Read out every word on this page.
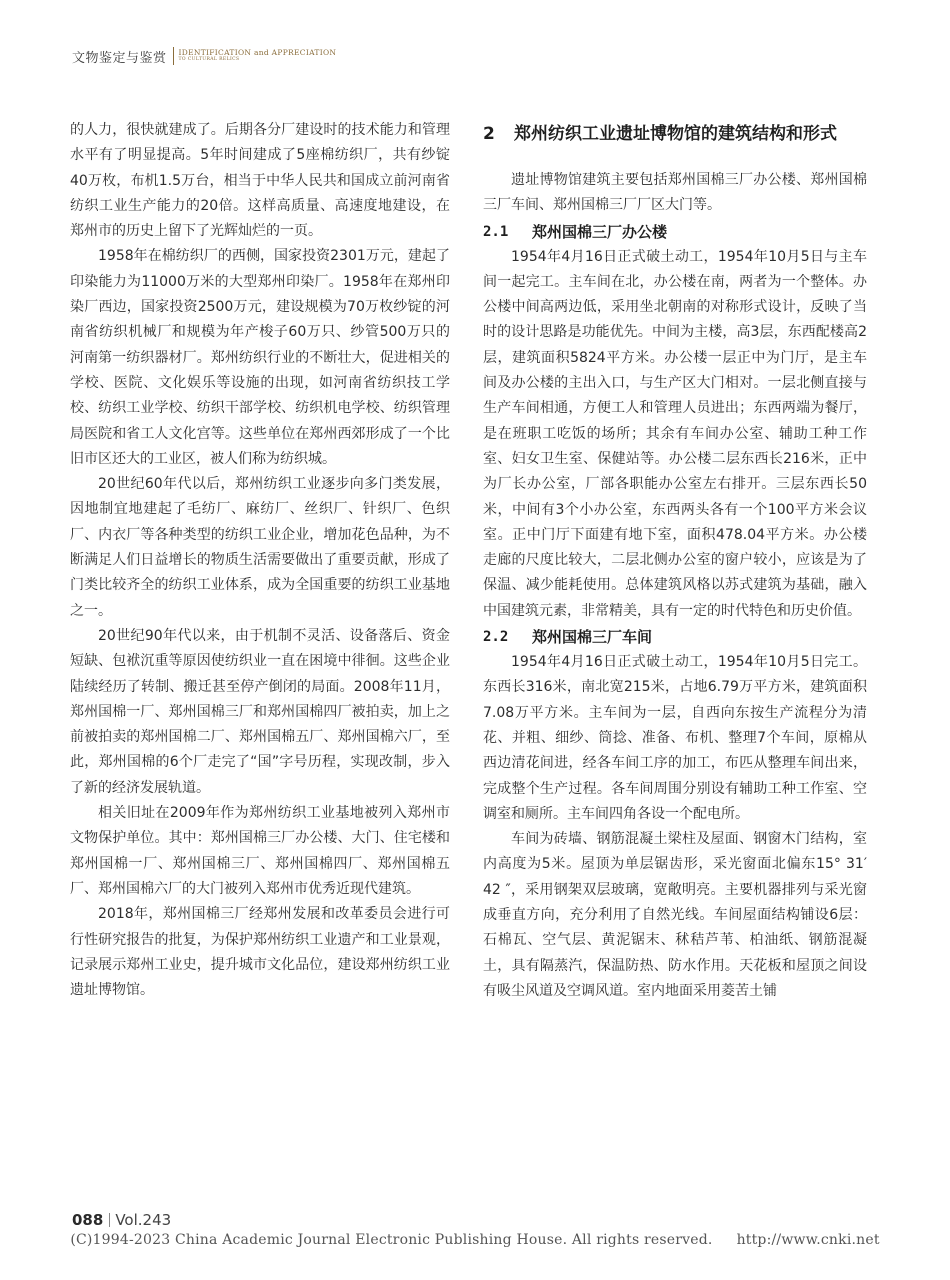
文物鉴定与鉴赏 IDENTIFICATION and APPRECIATION
TO CULTURAL RELICS

的人力，很快就建成了。后期各分厂建设时的技术能力和管理水平有了明显提高。5年时间建成了5座棉纺织厂，共有纱锭40万枚，布机1.5万台，相当于中华人民共和国成立前河南省纺织工业生产能力的20倍。这样高质量、高速度地建设，在郑州市的历史上留下了光辉灿烂的一页。

1958年在棉纺织厂的西侧，国家投资2301万元，建起了印染能力为11000万米的大型郑州印染厂。1958年在郑州印染厂西边，国家投资2500万元，建设规模为70万枚纱锭的河南省纺织机械厂和规模为年产梭子60万只、纱管500万只的河南第一纺织器材厂。郑州纺织行业的不断壮大，促进相关的学校、医院、文化娱乐等设施的出现，如河南省纺织技工学校、纺织工业学校、纺织干部学校、纺织机电学校、纺织管理局医院和省工人文化宫等。这些单位在郑州西郊形成了一个比旧市区还大的工业区，被人们称为纺织城。

20世纪60年代以后，郑州纺织工业逐步向多门类发展，因地制宜地建起了毛纺厂、麻纺厂、丝织厂、针织厂、色织厂、内衣厂等各种类型的纺织工业企业，增加花色品种，为不断满足人们日益增长的物质生活需要做出了重要贡献，形成了门类比较齐全的纺织工业体系，成为全国重要的纺织工业基地之一。

20世纪90年代以来，由于机制不灵活、设备落后、资金短缺、包袱沉重等原因使纺织业一直在困境中徘徊。这些企业陆续经历了转制、搬迁甚至停产倒闭的局面。2008年11月，郑州国棉一厂、郑州国棉三厂和郑州国棉四厂被拍卖，加上之前被拍卖的郑州国棉二厂、郑州国棉五厂、郑州国棉六厂，至此，郑州国棉的6个厂走完了“国”字号历程，实现改制，步入了新的经济发展轨道。

相关旧址在2009年作为郑州纺织工业基地被列入郑州市文物保护单位。其中：郑州国棉三厂办公楼、大门、住宅楼和郑州国棉一厂、郑州国棉三厂、郑州国棉四厂、郑州国棉五厂、郑州国棉六厂的大门被列入郑州市优秀近现代建筑。

2018年，郑州国棉三厂经郑州发展和改革委员会进行可行性研究报告的批复，为保护郑州纺织工业遗产和工业景观，记录展示郑州工业史，提升城市文化品位，建设郑州纺织工业遗址博物馆。

2	郑州纺织工业遗址博物馆的建筑结构和形式

遗址博物馆建筑主要包括郑州国棉三厂办公楼、郑州国棉三厂车间、郑州国棉三厂厂区大门等。

2.1	郑州国棉三厂办公楼

1954年4月16日正式破土动工，1954年10月5日与主车间一起完工。主车间在北，办公楼在南，两者为一个整体。办公楼中间高两边低，采用坐北朝南的对称形式设计，反映了当时的设计思路是功能优先。中间为主楼，高3层，东西配楼高2层，建筑面积5824平方米。办公楼一层正中为门厅，是主车间及办公楼的主出入口，与生产区大门相对。一层北侧直接与生产车间相通，方便工人和管理人员进出；东西两端为餐厅，是在班职工吃饭的场所；其余有车间办公室、辅助工种工作室、妇女卫生室、保健站等。办公楼二层东西长216米，正中为厂长办公室，厂部各职能办公室左右排开。三层东西长50米，中间有3个小办公室，东西两头各有一个100平方米会议室。正中门厅下面建有地下室，面积478.04平方米。办公楼走廊的尺度比较大，二层北侧办公室的窗户较小，应该是为了保温、减少能耗使用。总体建筑风格以苏式建筑为基础，融入中国建筑元素，非常精美，具有一定的时代特色和历史价值。

2.2	郑州国棉三厂车间

1954年4月16日正式破土动工，1954年10月5日完工。东西长316米，南北宽215米，占地6.79万平方米，建筑面积7.08万平方米。主车间为一层，自西向东按生产流程分为清花、并粗、细纱、筒捻、准备、布机、整理7个车间，原棉从西边清花间进，经各车间工序的加工，布匹从整理车间出来，完成整个生产过程。各车间周围分别设有辅助工种工作室、空调室和厕所。主车间四角各设一个配电所。

车间为砖墙、钢筋混凝土梁柱及屋面、钢窗木门结构，室内高度为5米。屋顶为单层锯齿形，采光窗面北偏东15° 31′ 42 ″，采用钢架双层玻璃，宽敞明亮。主要机器排列与采光窗成垂直方向，充分利用了自然光线。车间屋面结构铺设6层：石棉瓦、空气层、黄泥锯末、秫秸芦苇、柏油纸、钢筋混凝土，具有隔蒸汽，保温防热、防水作用。天花板和屋顶之间设有吸尘风道及空调风道。室内地面采用菱苦土铺

088 Vol.243
(C)1994-2023 China Academic Journal Electronic Publishing House. All rights reserved. http://www.cnki.net
